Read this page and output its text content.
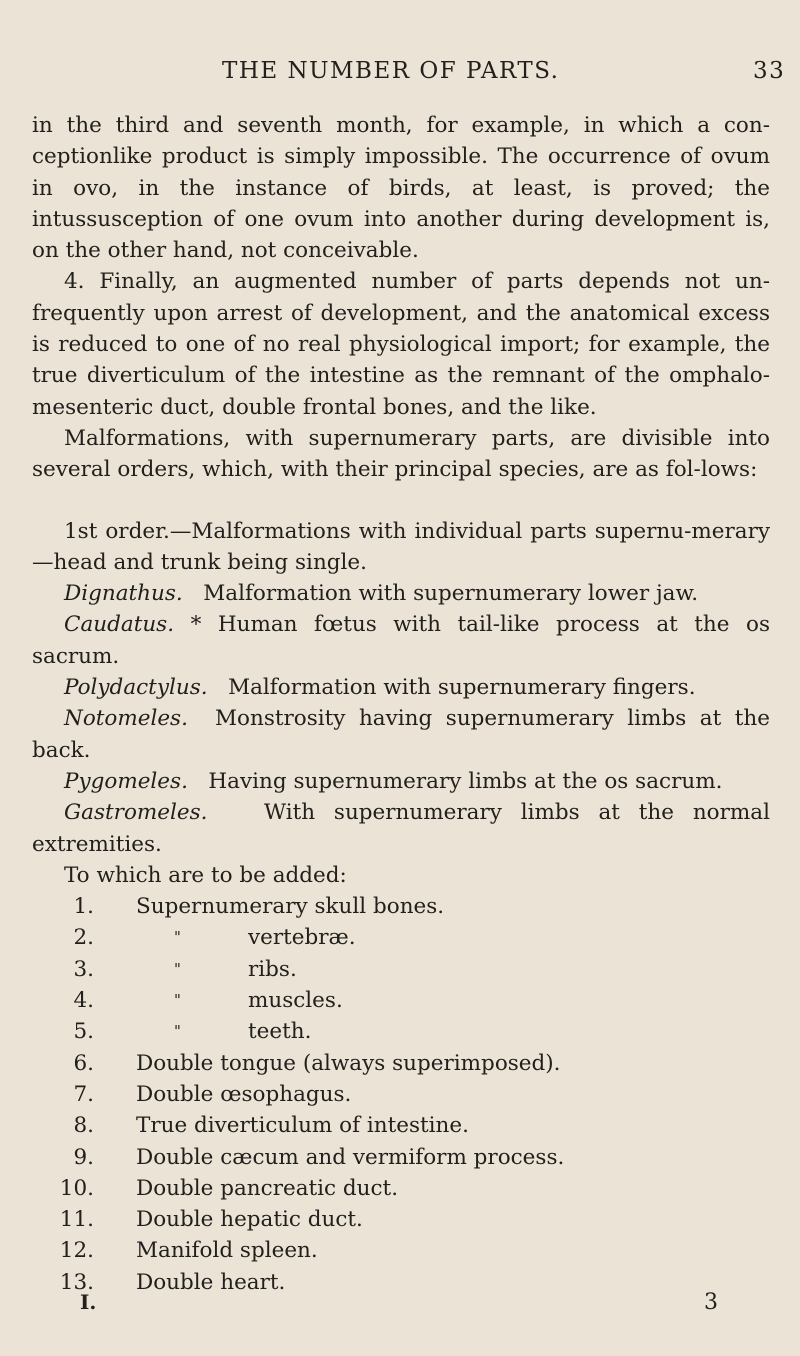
THE NUMBER OF PARTS.	33

in the third and seventh month, for example, in which a con-ceptionlike product is simply impossible. The occurrence of ovum in ovo, in the instance of birds, at least, is proved; the intussusception of one ovum into another during development is, on the other hand, not conceivable.

4. Finally, an augmented number of parts depends not un-frequently upon arrest of development, and the anatomical excess is reduced to one of no real physiological import; for example, the true diverticulum of the intestine as the remnant of the omphalo-mesenteric duct, double frontal bones, and the like.

Malformations, with supernumerary parts, are divisible into several orders, which, with their principal species, are as fol-lows:

1st order.—Malformations with individual parts supernu-merary—head and trunk being single.

Dignathus. Malformation with supernumerary lower jaw.

Caudatus. * Human fœtus with tail-like process at the os sacrum.

Polydactylus. Malformation with supernumerary fingers.

Notomeles. Monstrosity having supernumerary limbs at the back.

Pygomeles. Having supernumerary limbs at the os sacrum.

Gastromeles.	With supernumerary limbs at the normal extremities.

To which are to be added:

1. Supernumerary skull bones.
2.	"	vertebræ.
3.	"	ribs.
4.	"	muscles.
5.	"	teeth.
6. Double tongue (always superimposed).
7. Double œsophagus.
8. True diverticulum of intestine.
9. Double cæcum and vermiform process.
10. Double pancreatic duct.
11. Double hepatic duct.
12. Manifold spleen.
13. Double heart.
I.	3
